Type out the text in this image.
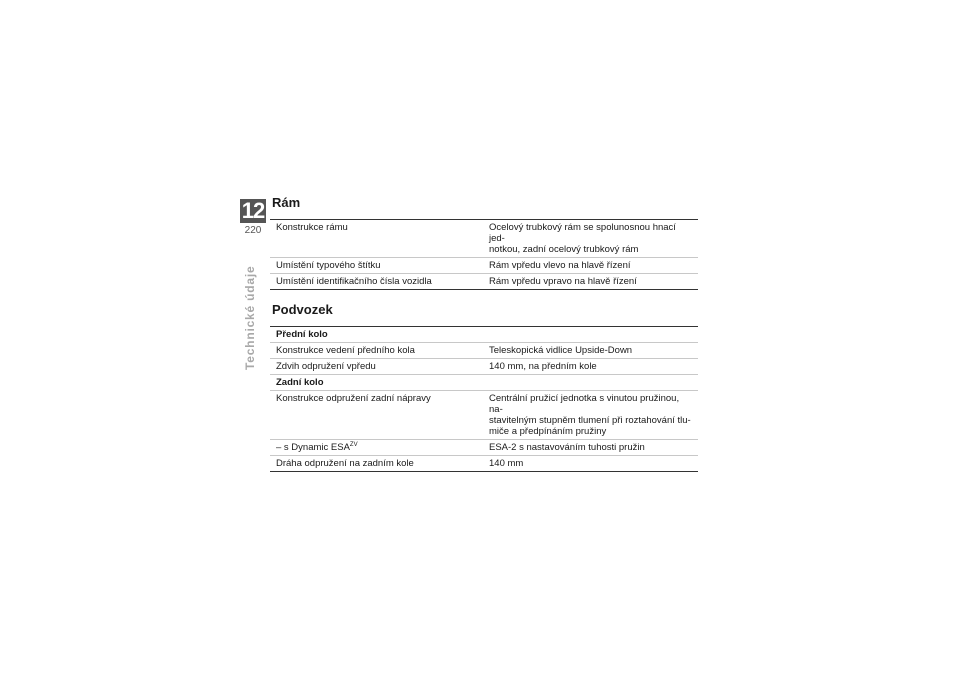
12
220
Technické údaje
Rám
Konstrukce rámu	Ocelový trubkový rám se spolunosnou hnací jed-
notkou, zadní ocelový trubkový rám
Umístění typového štítku	Rám vpředu vlevo na hlavě řízení
Umístění identifikačního čísla vozidla	Rám vpředu vpravo na hlavě řízení
Podvozek
Přední kolo	
Konstrukce vedení předního kola	Teleskopická vidlice Upside-Down
Zdvih odpružení vpředu	140 mm, na předním kole
Zadní kolo	
Konstrukce odpružení zadní nápravy	Centrální pružicí jednotka s vinutou pružinou, na-
stavitelným stupněm tlumení při roztahování tlu-
miče a předpínáním pružiny
– s Dynamic $ESA^{ZV}$	ESA-2 s nastavováním tuhosti pružin
Dráha odpružení na zadním kole	140 mm
